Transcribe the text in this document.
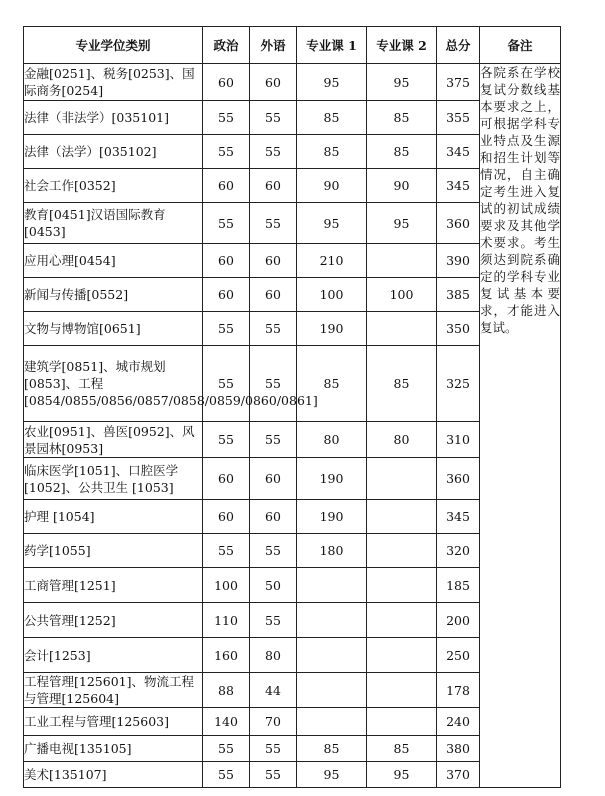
专业学位类别	政治	外语	专业课 1	专业课 2	总分	备注
金融[0251]、税务[0253]、国际商务[0254]	60	60	95	95	375	各院系在学校复试分数线基本要求之上，可根据学科专业特点及生源和招生计划等情况，自主确定考生进入复试的初试成绩要求及其他学术要求。考生须达到院系确定的学科专业复试基本要求，才能进入复试。
法律（非法学）[035101]	55	55	85	85	355	
法律（法学）[035102]	55	55	85	85	345	
社会工作[0352]	60	60	90	90	345	
教育[0451]汉语国际教育[0453]	55	55	95	95	360	
应用心理[0454]	60	60	210		390	
新闻与传播[0552]	60	60	100	100	385	
文物与博物馆[0651]	55	55	190		350	
建筑学[0851]、城市规划[0853]、工程[0854/0855/0856/0857/0858/0859/0860/0861]	55	55	85	85	325	
农业[0951]、兽医[0952]、风景园林[0953]	55	55	80	80	310	
临床医学[1051]、口腔医学[1052]、公共卫生 [1053]	60	60	190		360	
护理 [1054]	60	60	190		345	
药学[1055]	55	55	180		320	
工商管理[1251]	100	50			185	
公共管理[1252]	110	55			200	
会计[1253]	160	80			250	
工程管理[125601]、物流工程与管理[125604]	88	44			178	
工业工程与管理[125603]	140	70			240	
广播电视[135105]	55	55	85	85	380	
美术[135107]	55	55	95	95	370	
